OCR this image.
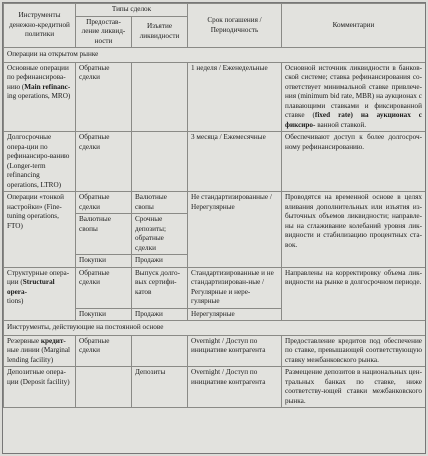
Инструменты денежно-кредитной политики	Типы сделок		Срок погашения / Периодичность	Комментарии
	Предостав-ление ликвид-ности	Изъятие ликвидности		
Операции на открытом рынке				
Основные операции по рефинансирова-нию (Main refinanc-
ing operations, MRO)	Обратные сделки		1 неделя / Еженедельные	Основной источник ликвидности в банков-ской системе; ставка рефинансирования со-ответствует минимальной ставке привлече-ния (minimum bid rate, MBR) на аукционах с плавающими ставками и фиксированной ставке (fixed rate) на аукционах с фиксиро- ванной ставкой.
Долгосрочные опера-ции по рефинансиро-ванию (Longer-term refinancing operations, LTRO)	Обратные сделки		3 месяца / Ежемесячные	Обеспечивают доступ к более долгосроч-ному рефинансированию.
Операции «тонкой настройки» (Fine-tuning operations, FTO)	Обратные сделки	Валютные свопы	Не стандартизированные / Нерегулярные	Проводятся на временной основе в целях вливания дополнительных или изъятия из-быточных объемов ликвидности; направле-ны на сглаживание колебаний уровня лик-видности и стабилизацию процентных ста-вок.
	Валютные свопы	Срочные депозиты; обратные сделки		
	Покупки	Продажи		
Структурные опера-ции (Structural opera-
tions)	Обратные сделки	Выпуск долго-вых сертифи-катов	Стандартизированные и не стандартизирован-ные / Регулярные и нере-гулярные	Направлены на корректировку объема лик-видности на рынке в долгосрочном периоде.
	Покупки	Продажи	Нерегулярные	
Инструменты, действующие на постоянной основе				
Резервные кредит-
ные линии (Marginal lending facility)	Обратные сделки		Overnight / Доступ по инициативе контрагента	Предоставление кредитов под обеспечение по ставке, превышающей соответствующую ставку межбанковского рынка.
Депозитные опера-ции (Deposit facility)		Депозиты	Overnight / Доступ по инициативе контрагента	Размещение депозитов в национальных цен-тральных банках по ставке, ниже соответству-ющей ставки межбанковского рынка.
